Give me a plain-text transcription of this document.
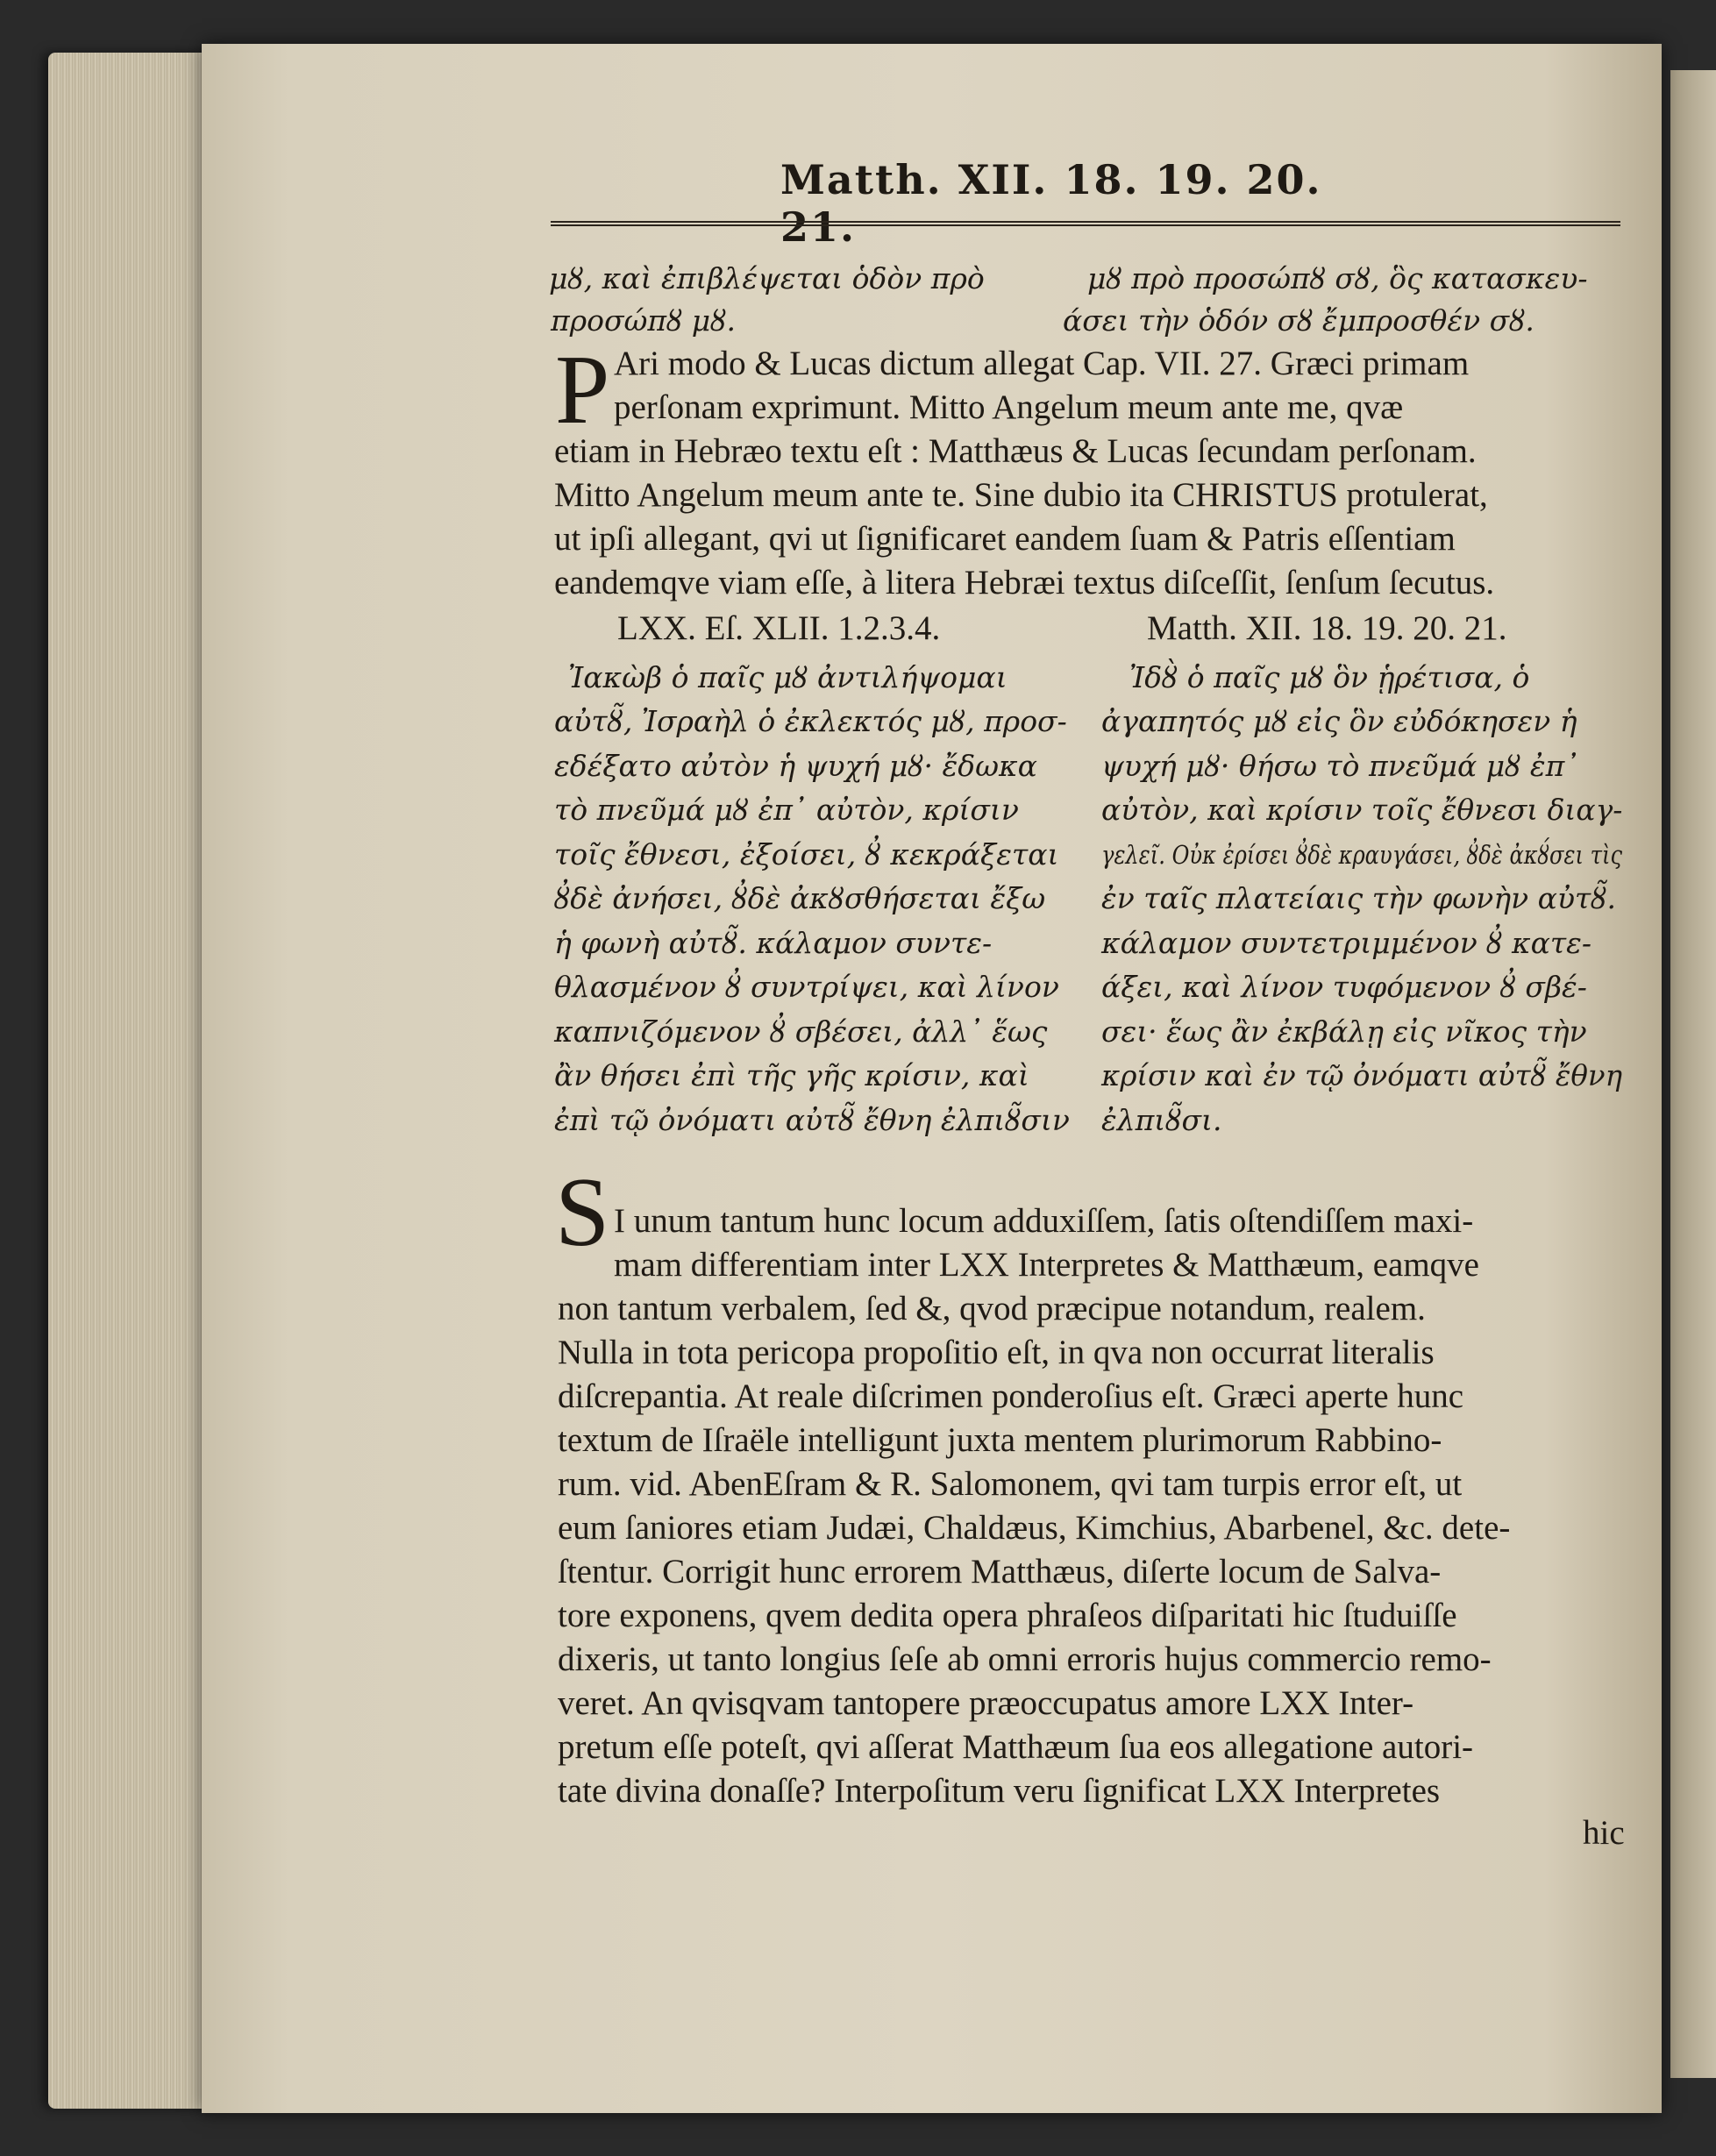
Matth. XII. 18. 19. 20. 21.
μȣ, καὶ ἐπιβλέψεται ὁδὸν πρὸ
προσώπȣ μȣ.
μȣ πρὸ προσώπȣ σȣ, ὃς κατασκευ-
άσει τὴν ὁδόν σȣ ἔμπροσθέν σȣ.
P Ari modo & Lucas dictum allegat Cap. VII. 27. Græci primam
perſonam exprimunt. Mitto Angelum meum ante me, qvæ
etiam in Hebræo textu eſt : Matthæus & Lucas ſecundam perſonam.
Mitto Angelum meum ante te. Sine dubio ita CHRISTUS protulerat,
ut ipſi allegant, qvi ut ſignificaret eandem ſuam & Patris eſſentiam
eandemqve viam eſſe, à litera Hebræi textus diſceſſit, ſenſum ſecutus.
LXX. Eſ. XLII. 1.2.3.4.	Matth. XII. 18. 19. 20. 21.
Ἰακὼβ ὁ παῖς μȣ ἀντιλήψομαι
αὐτȣ̃, Ἰσραὴλ ὁ ἐκλεκτός μȣ, προσ-
εδέξατο αὐτὸν ἡ ψυχή μȣ· ἔδωκα
τὸ πνεῦμά μȣ ἐπ᾽ αὐτὸν, κρίσιν
τοῖς ἔθνεσι, ἐξοίσει, ȣ̓ κεκράξεται
ȣ̓δὲ ἀνήσει, ȣ̓δὲ ἀκȣσθήσεται ἔξω
ἡ φωνὴ αὐτȣ̃. κάλαμον συντε-
θλασμένον ȣ̓ συντρίψει, καὶ λίνον
καπνιζόμενον ȣ̓ σβέσει, ἀλλ᾽ ἕως
ἂν θήσει ἐπὶ τῆς γῆς κρίσιν, καὶ
ἐπὶ τῷ ὀνόματι αὐτȣ̃ ἔθνη ἐλπιȣ̃σιν
Ἰδȣ̀ ὁ παῖς μȣ ὃν ᾑρέτισα, ὁ
ἀγαπητός μȣ εἰς ὃν εὐδόκησεν ἡ
ψυχή μȣ· θήσω τὸ πνεῦμά μȣ ἐπ᾽
αὐτὸν, καὶ κρίσιν τοῖς ἔθνεσι διαγ-
γελεῖ. Οὐκ ἐρίσει ȣ̓δὲ κραυγάσει, ȣ̓δὲ ἀκȣ́σει τὶς
ἐν ταῖς πλατείαις τὴν φωνὴν αὐτȣ̃.
κάλαμον συντετριμμένον ȣ̓ κατε-
άξει, καὶ λίνον τυφόμενον ȣ̓ σβέ-
σει· ἕως ἂν ἐκβάλῃ εἰς νῖκος τὴν
κρίσιν καὶ ἐν τῷ ὀνόματι αὐτȣ̃ ἔθνη
ἐλπιȣ̃σι.
S I unum tantum hunc locum adduxiſſem, ſatis oſtendiſſem maxi-
mam differentiam inter LXX Interpretes & Matthæum, eamqve
non tantum verbalem, ſed &, qvod præcipue notandum, realem.
Nulla in tota pericopa propoſitio eſt, in qva non occurrat literalis
diſcrepantia. At reale diſcrimen ponderoſius eſt. Græci aperte hunc
textum de Iſraële intelligunt juxta mentem plurimorum Rabbino-
rum. vid. AbenEſram & R. Salomonem, qvi tam turpis error eſt, ut
eum ſaniores etiam Judæi, Chaldæus, Kimchius, Abarbenel, &c. dete-
ſtentur. Corrigit hunc errorem Matthæus, diſerte locum de Salva-
tore exponens, qvem dedita opera phraſeos diſparitati hic ſtuduiſſe
dixeris, ut tanto longius ſeſe ab omni erroris hujus commercio remo-
veret. An qvisqvam tantopere præoccupatus amore LXX Inter-
pretum eſſe poteſt, qvi aſſerat Matthæum ſua eos allegatione autori-
tate divina donaſſe? Interpoſitum veru ſignificat LXX Interpretes
hic
